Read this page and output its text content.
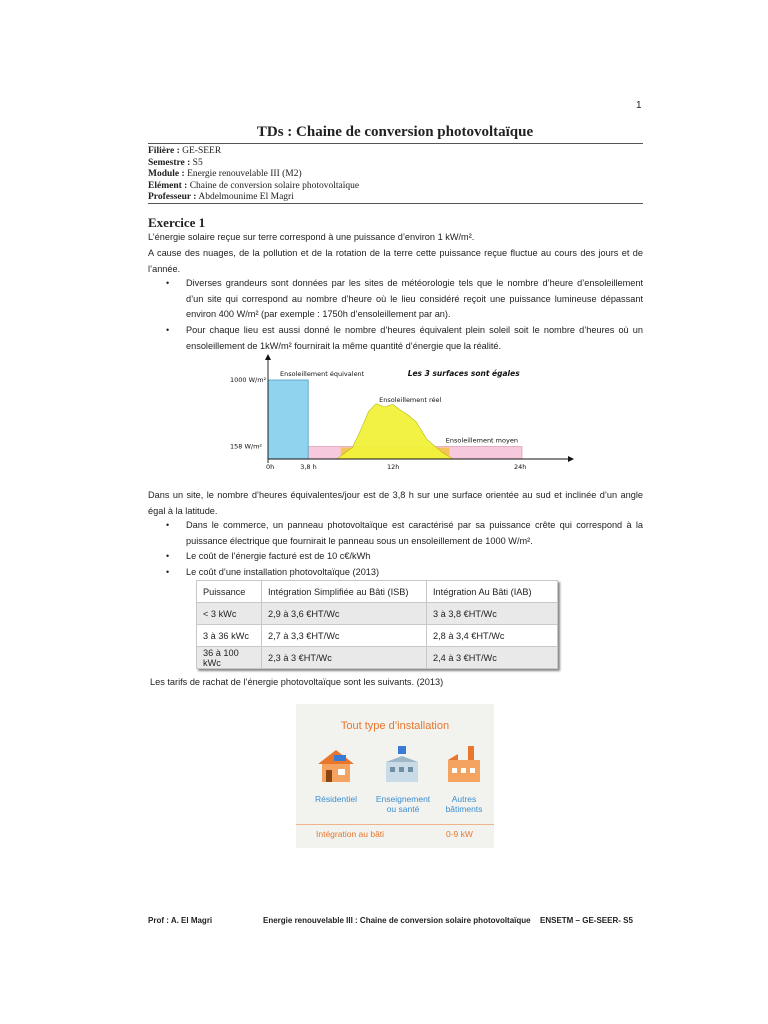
1
TDs : Chaine de conversion photovoltaïque
Filière : GE-SEER
Semestre : S5
Module : Energie renouvelable III (M2)
Elément : Chaine de conversion solaire photovoltaïque
Professeur : Abdelmounime El Magri
Exercice 1
L’énergie solaire reçue sur terre correspond à une puissance d’environ 1 kW/m².
A cause des nuages, de la pollution et de la rotation de la terre cette puissance reçue fluctue au cours des jours et de l’année.
• Diverses grandeurs sont données par les sites de météorologie tels que le nombre d’heure d’ensoleillement d’un site qui correspond au nombre d’heure où le lieu considéré reçoit une puissance lumineuse dépassant environ 400 W/m² (par exemple : 1750h d’ensoleillement par an).
• Pour chaque lieu est aussi donné le nombre d’heures équivalent plein soleil soit le nombre d’heures où un ensoleillement de 1kW/m² fournirait la même quantité d’énergie que la réalité.
1000 W/m²
158 W/m²
0h	3,8 h	12h	24h
Ensoleillement équivalent
Ensoleillement réel
Ensoleillement moyen
Les 3 surfaces sont égales
Dans un site, le nombre d’heures équivalentes/jour est de 3,8 h sur une surface orientée au sud et inclinée d’un angle égal à la latitude.
• Dans le commerce, un panneau photovoltaïque est caractérisé par sa puissance crête qui correspond à la puissance électrique que fournirait le panneau sous un ensoleillement de 1000 W/m².
• Le coût de l’énergie facturé est de 10 c€/kWh
• Le coût d’une installation photovoltaïque (2013)
Puissance	Intégration Simplifiée au Bâti (ISB)	Intégration Au Bâti (IAB)
< 3 kWc	2,9 à 3,6 €HT/Wc	3 à 3,8 €HT/Wc
3 à 36 kWc	2,7 à 3,3 €HT/Wc	2,8 à 3,4 €HT/Wc
36 à 100 kWc	2,3 à 3 €HT/Wc	2,4 à 3 €HT/Wc
Les tarifs de rachat de l’énergie photovoltaïque sont les suivants. (2013)
Tout type d’installation
Résidentiel	Enseignement
ou santé
Autres
bâtiments
Intégration au bâti	0-9 kW
Prof : A. El Magri	Energie renouvelable III : Chaine de conversion solaire photovoltaïque ENSETM – GE-SEER- S5
